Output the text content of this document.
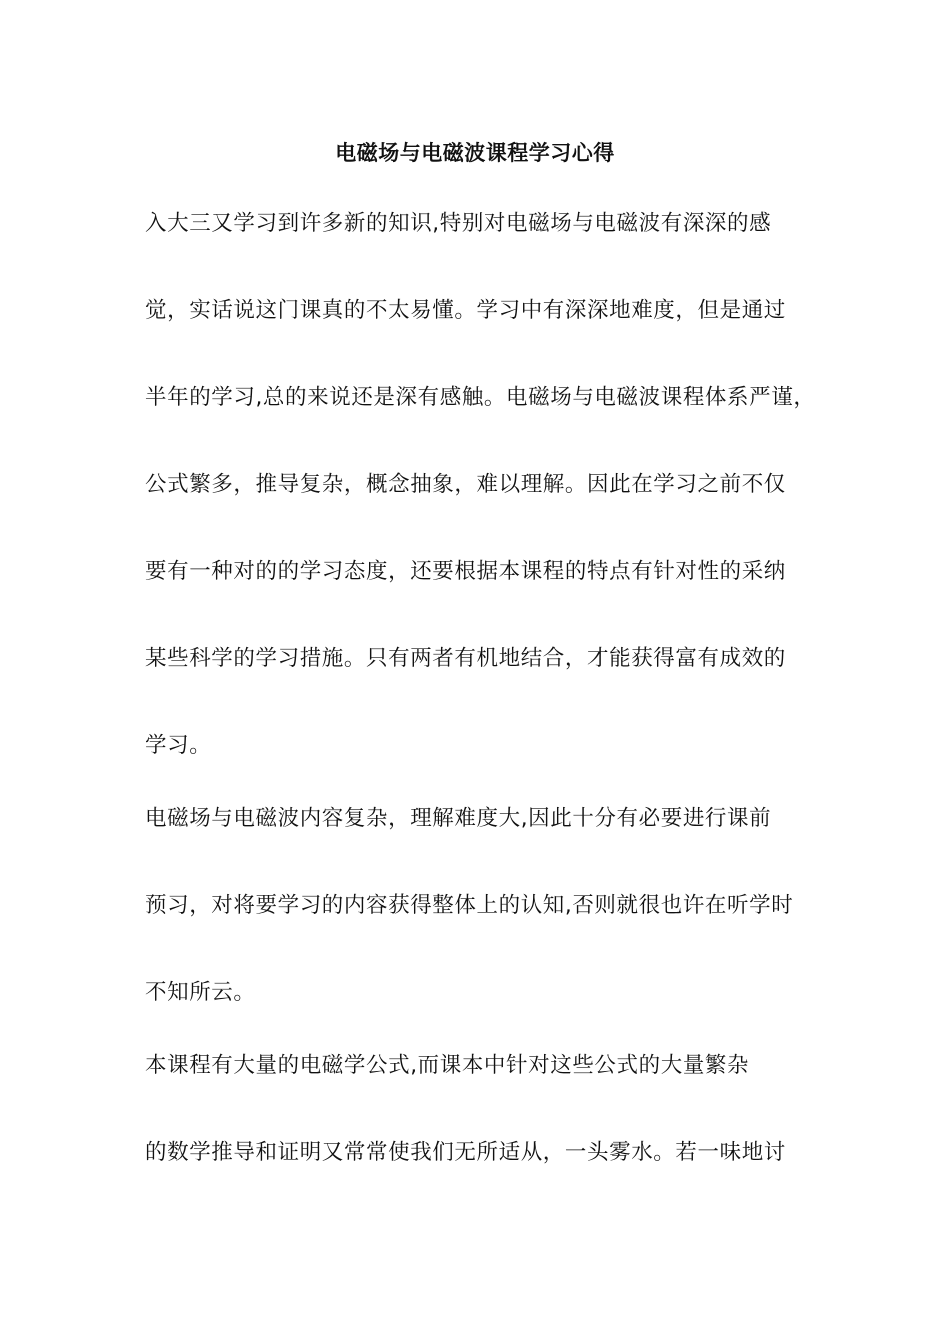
电磁场与电磁波课程学习心得
入大三又学习到许多新的知识,特别对电磁场与电磁波有深深的感
觉，实话说这门课真的不太易懂。学习中有深深地难度，但是通过
半年的学习,总的来说还是深有感触。电磁场与电磁波课程体系严谨，
公式繁多，推导复杂，概念抽象，难以理解。因此在学习之前不仅
要有一种对的的学习态度，还要根据本课程的特点有针对性的采纳
某些科学的学习措施。只有两者有机地结合，才能获得富有成效的
学习。
电磁场与电磁波内容复杂，理解难度大,因此十分有必要进行课前
预习，对将要学习的内容获得整体上的认知,否则就很也许在听学时
不知所云。
本课程有大量的电磁学公式,而课本中针对这些公式的大量繁杂
的数学推导和证明又常常使我们无所适从，一头雾水。若一味地讨
